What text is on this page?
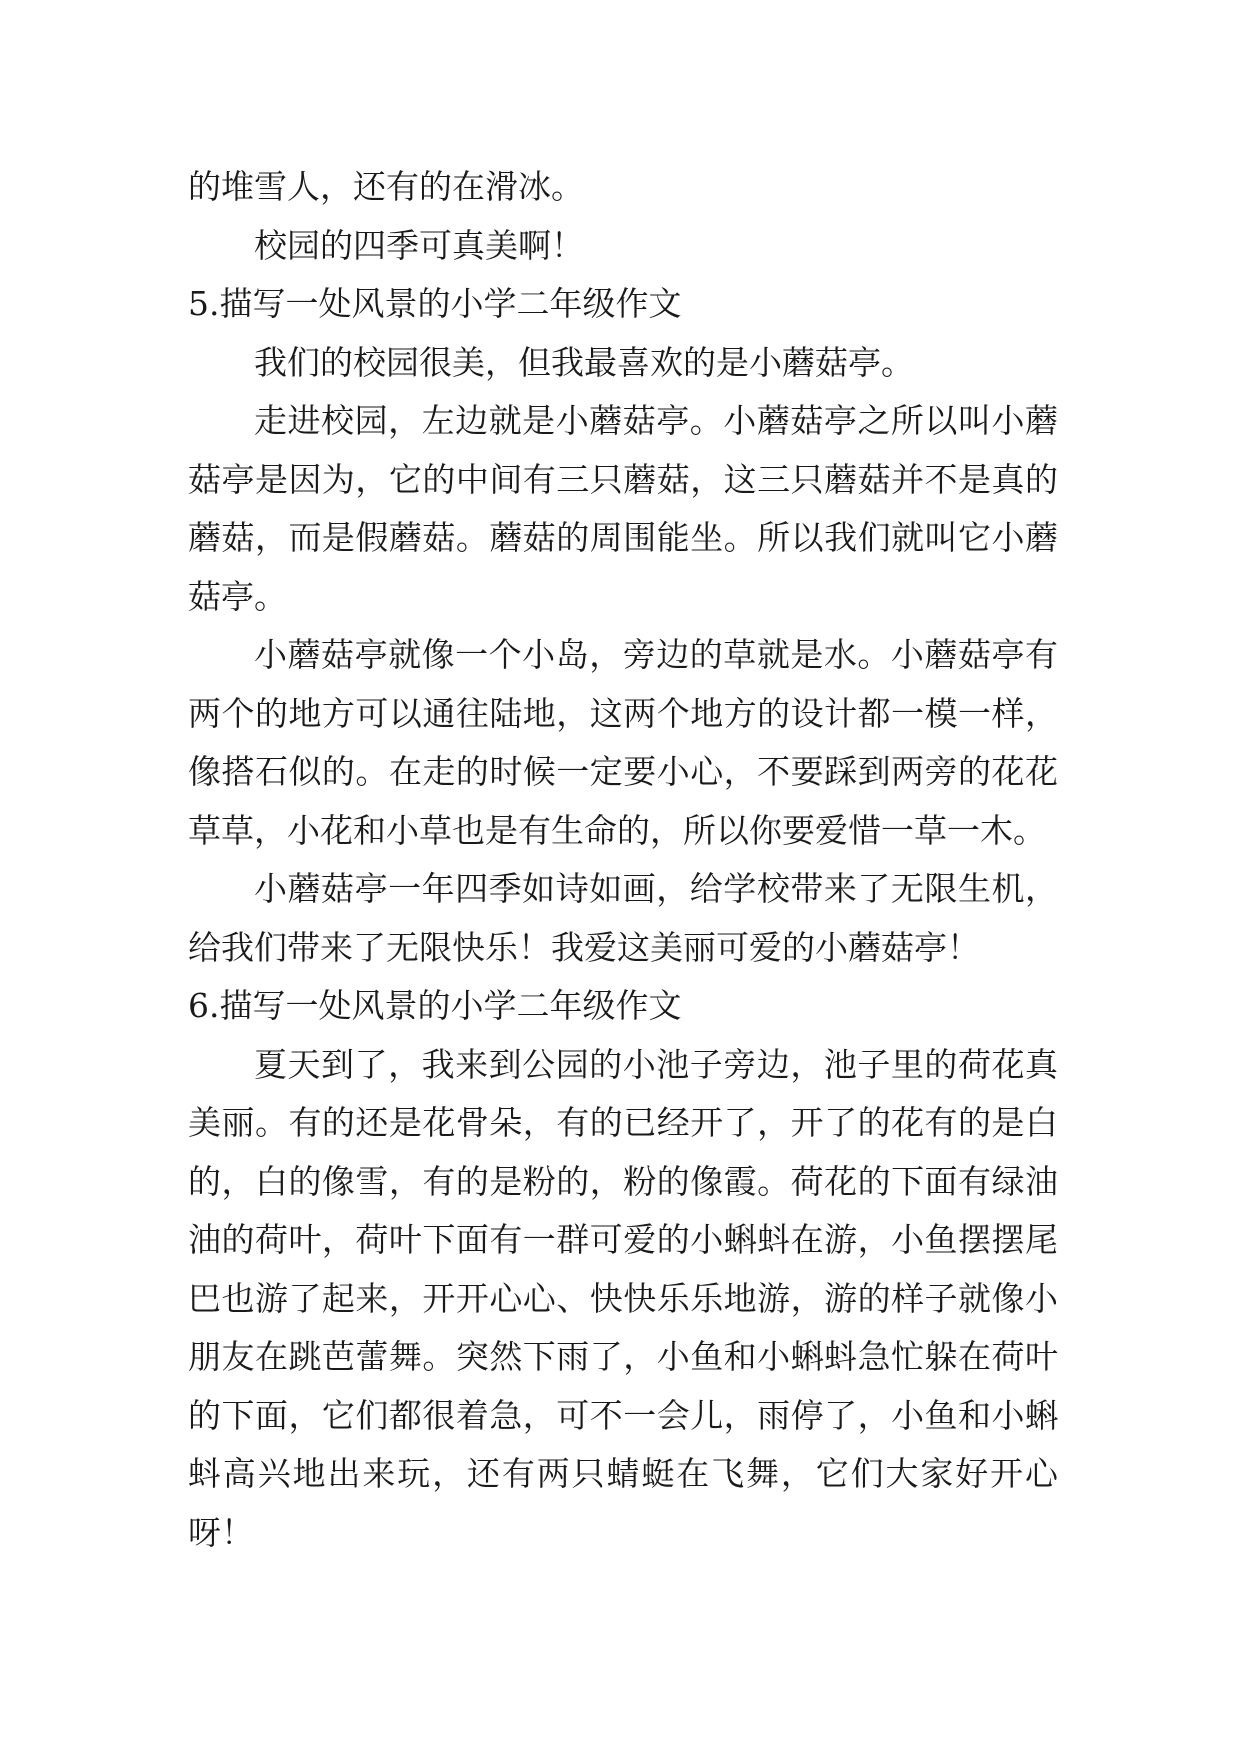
的堆雪人，还有的在滑冰。

校园的四季可真美啊！

5.描写一处风景的小学二年级作文

我们的校园很美，但我最喜欢的是小蘑菇亭。

走进校园，左边就是小蘑菇亭。小蘑菇亭之所以叫小蘑菇亭是因为，它的中间有三只蘑菇，这三只蘑菇并不是真的蘑菇，而是假蘑菇。蘑菇的周围能坐。所以我们就叫它小蘑菇亭。

小蘑菇亭就像一个小岛，旁边的草就是水。小蘑菇亭有两个的地方可以通往陆地，这两个地方的设计都一模一样，像搭石似的。在走的时候一定要小心，不要踩到两旁的花花草草，小花和小草也是有生命的，所以你要爱惜一草一木。

小蘑菇亭一年四季如诗如画，给学校带来了无限生机，给我们带来了无限快乐！我爱这美丽可爱的小蘑菇亭！

6.描写一处风景的小学二年级作文

夏天到了，我来到公园的小池子旁边，池子里的荷花真美丽。有的还是花骨朵，有的已经开了，开了的花有的是白的，白的像雪，有的是粉的，粉的像霞。荷花的下面有绿油油的荷叶，荷叶下面有一群可爱的小蝌蚪在游，小鱼摆摆尾巴也游了起来，开开心心、快快乐乐地游，游的样子就像小朋友在跳芭蕾舞。突然下雨了，小鱼和小蝌蚪急忙躲在荷叶的下面，它们都很着急，可不一会儿，雨停了，小鱼和小蝌蚪高兴地出来玩，还有两只蜻蜓在飞舞，它们大家好开心呀！
